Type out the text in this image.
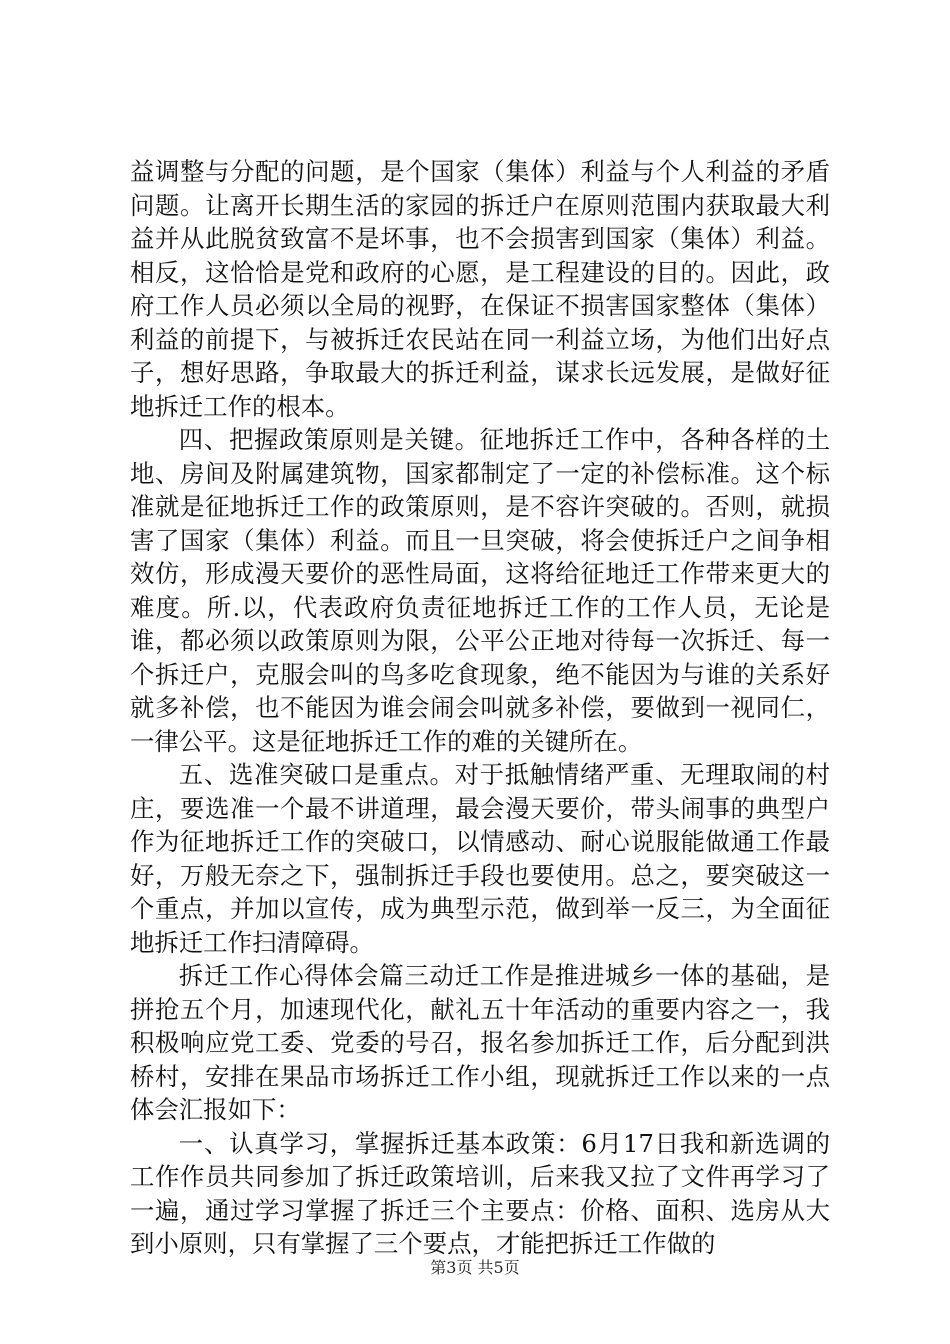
益调整与分配的问题，是个国家（集体）利益与个人利益的矛盾问题。让离开长期生活的家园的拆迁户在原则范围内获取最大利益并从此脱贫致富不是坏事，也不会损害到国家（集体）利益。相反，这恰恰是党和政府的心愿，是工程建设的目的。因此，政府工作人员必须以全局的视野，在保证不损害国家整体（集体）利益的前提下，与被拆迁农民站在同一利益立场，为他们出好点子，想好思路，争取最大的拆迁利益，谋求长远发展，是做好征地拆迁工作的根本。

四、把握政策原则是关键。征地拆迁工作中，各种各样的土地、房间及附属建筑物，国家都制定了一定的补偿标准。这个标准就是征地拆迁工作的政策原则，是不容许突破的。否则，就损害了国家（集体）利益。而且一旦突破，将会使拆迁户之间争相效仿，形成漫天要价的恶性局面，这将给征地迁工作带来更大的难度。所.以，代表政府负责征地拆迁工作的工作人员，无论是谁，都必须以政策原则为限，公平公正地对待每一次拆迁、每一个拆迁户，克服会叫的鸟多吃食现象，绝不能因为与谁的关系好就多补偿，也不能因为谁会闹会叫就多补偿，要做到一视同仁，一律公平。这是征地拆迁工作的难的关键所在。

五、选准突破口是重点。对于抵触情绪严重、无理取闹的村庄，要选准一个最不讲道理，最会漫天要价，带头闹事的典型户作为征地拆迁工作的突破口，以情感动、耐心说服能做通工作最好，万般无奈之下，强制拆迁手段也要使用。总之，要突破这一个重点，并加以宣传，成为典型示范，做到举一反三，为全面征地拆迁工作扫清障碍。

拆迁工作心得体会篇三动迁工作是推进城乡一体的基础，是拼抢五个月，加速现代化，献礼五十年活动的重要内容之一，我积极响应党工委、党委的号召，报名参加拆迁工作，后分配到洪桥村，安排在果品市场拆迁工作小组，现就拆迁工作以来的一点体会汇报如下：

一、认真学习，掌握拆迁基本政策：6月17日我和新选调的工作作员共同参加了拆迁政策培训，后来我又拉了文件再学习了一遍，通过学习掌握了拆迁三个主要点：价格、面积、选房从大到小原则，只有掌握了三个要点，才能把拆迁工作做的

第3页 共5页
